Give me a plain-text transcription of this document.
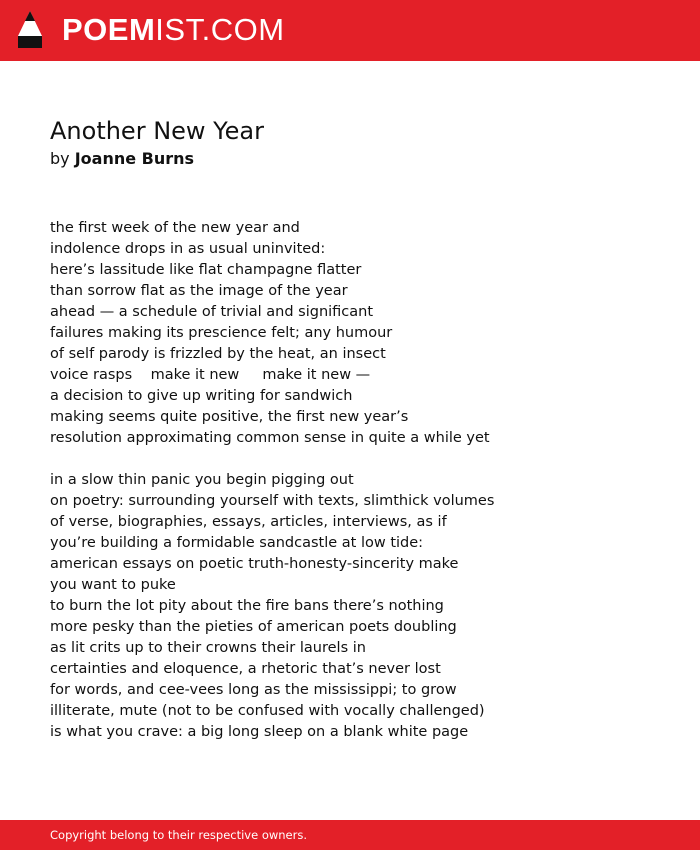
POEMIST.COM
Another New Year
by Joanne Burns
the first week of the new year and
indolence drops in as usual uninvited:
here’s lassitude like flat champagne flatter
than sorrow flat as the image of the year
ahead — a schedule of trivial and significant
failures making its prescience felt; any humour
of self parody is frizzled by the heat, an insect
voice rasps    make it new     make it new —
a decision to give up writing for sandwich
making seems quite positive, the first new year’s
resolution approximating common sense in quite a while yet
in a slow thin panic you begin pigging out
on poetry: surrounding yourself with texts, slimthick volumes
of verse, biographies, essays, articles, interviews, as if
you’re building a formidable sandcastle at low tide:
american essays on poetic truth-honesty-sincerity make
you want to puke
to burn the lot pity about the fire bans there’s nothing
more pesky than the pieties of american poets doubling
as lit crits up to their crowns their laurels in
certainties and eloquence, a rhetoric that’s never lost
for words, and cee-vees long as the mississippi; to grow
illiterate, mute (not to be confused with vocally challenged)
is what you crave: a big long sleep on a blank white page
Copyright belong to their respective owners.
